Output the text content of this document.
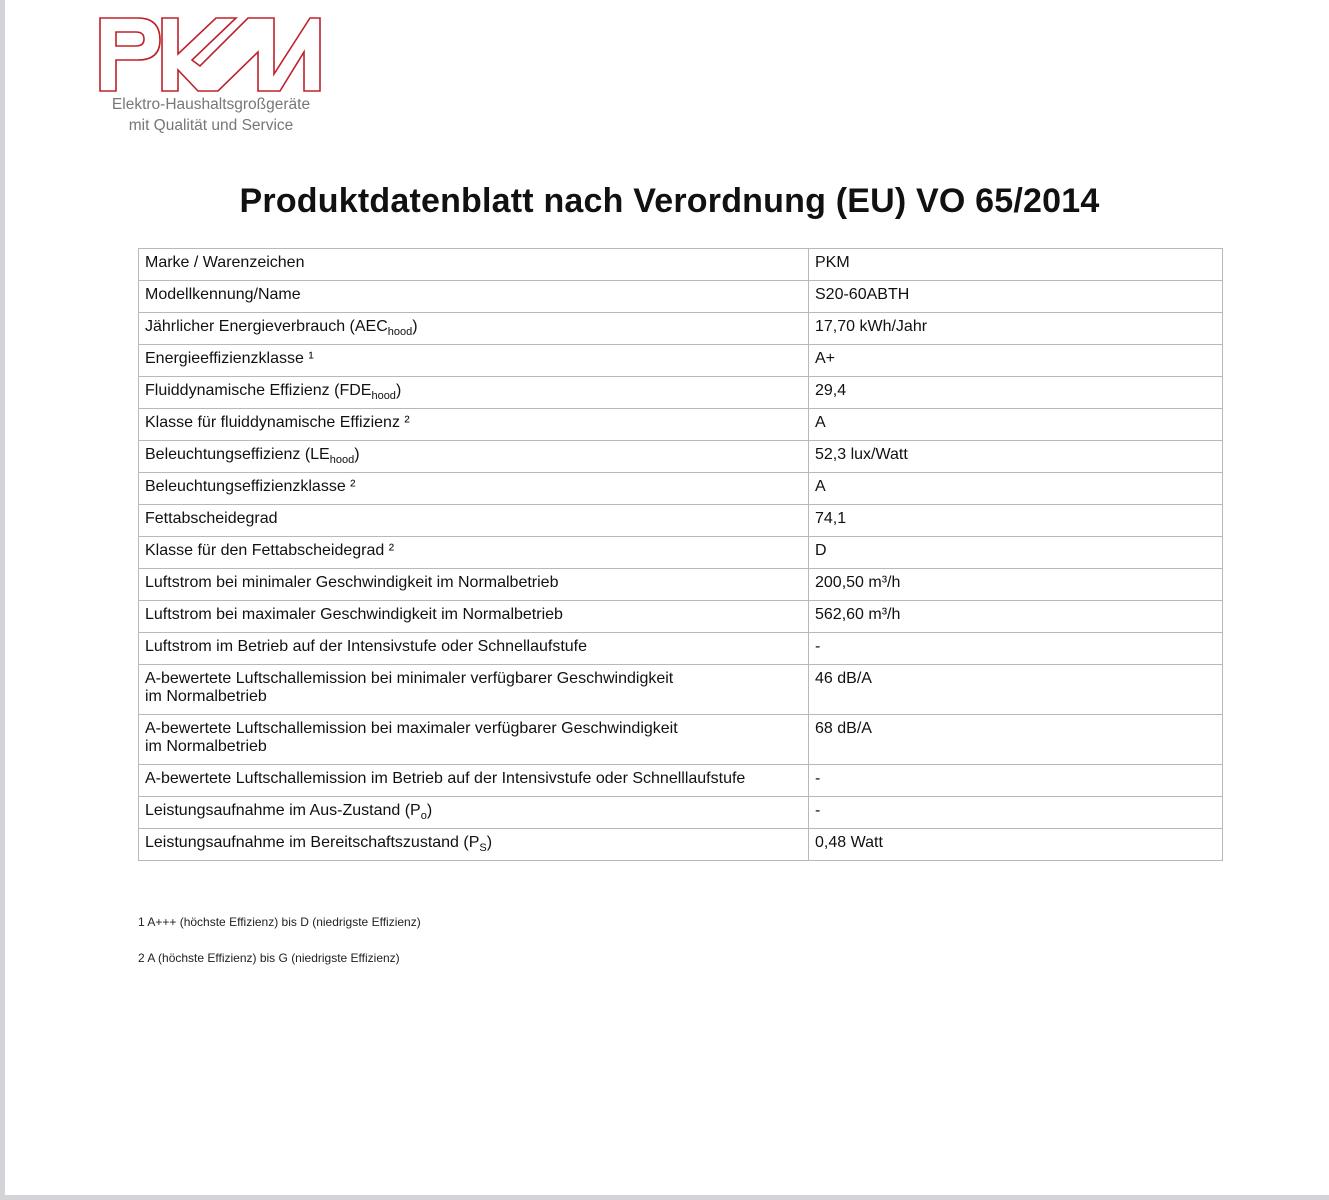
Elektro-Haushaltsgroßgeräte
mit Qualität und Service
Produktdatenblatt nach Verordnung (EU) VO 65/2014
Marke / Warenzeichen	PKM
Modellkennung/Name	S20-60ABTH
Jährlicher Energieverbrauch $(AEC_{hood})$	17,70 kWh/Jahr
Energieeffizienzklasse ¹	A+
Fluiddynamische Effizienz $(FDE_{hood})$	29,4
Klasse für fluiddynamische Effizienz ²	A
Beleuchtungseffizienz $(LE_{hood})$	52,3 lux/Watt
Beleuchtungseffizienzklasse ²	A
Fettabscheidegrad	74,1
Klasse für den Fettabscheidegrad ²	D
Luftstrom bei minimaler Geschwindigkeit im Normalbetrieb	200,50 m³/h
Luftstrom bei maximaler Geschwindigkeit im Normalbetrieb	562,60 m³/h
Luftstrom im Betrieb auf der Intensivstufe oder Schnellaufstufe	-
A-bewertete Luftschallemission bei minimaler verfügbarer Geschwindigkeit
im Normalbetrieb	46 dB/A
A-bewertete Luftschallemission bei maximaler verfügbarer Geschwindigkeit
im Normalbetrieb	68 dB/A
A-bewertete Luftschallemission im Betrieb auf der Intensivstufe oder Schnelllaufstufe	-
Leistungsaufnahme im Aus-Zustand $(P_o)$	-
Leistungsaufnahme im Bereitschaftszustand $(P_S)$	0,48 Watt
1 A+++ (höchste Effizienz) bis D (niedrigste Effizienz)
2 A (höchste Effizienz) bis G (niedrigste Effizienz)
